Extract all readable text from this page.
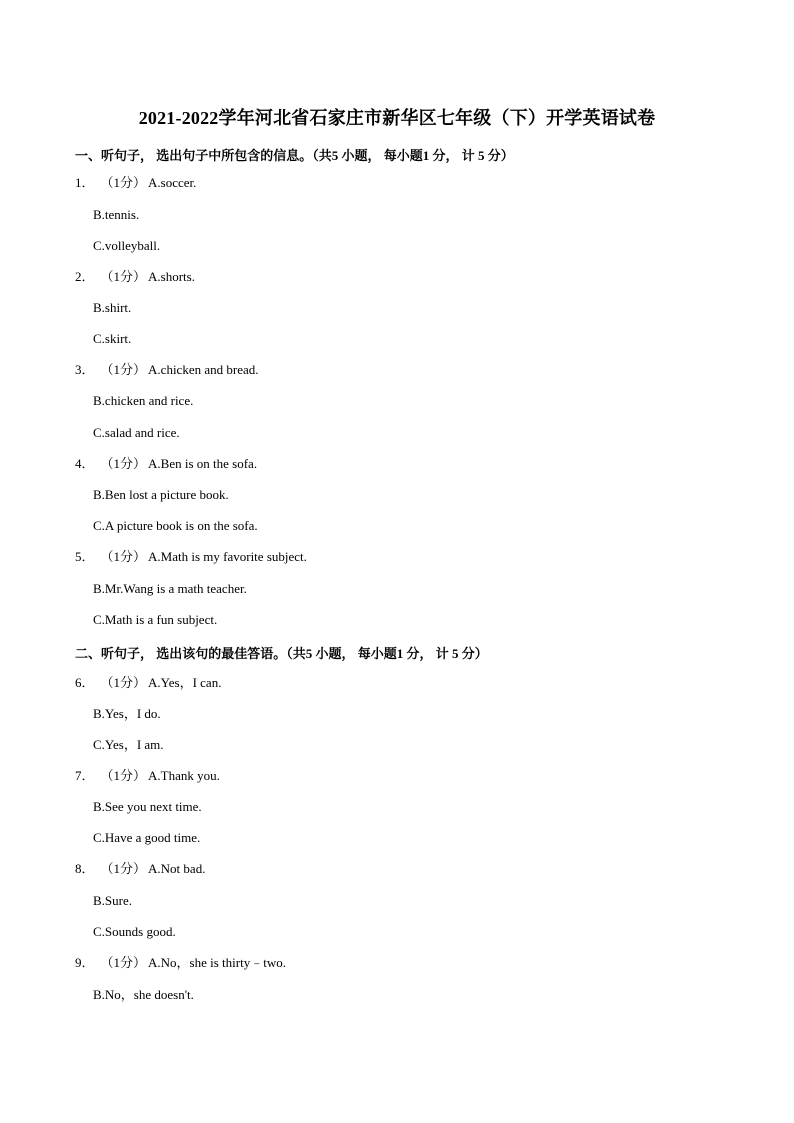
2021-2022学年河北省石家庄市新华区七年级（下）开学英语试卷
一、听句子， 选出句子中所包含的信息。（共5 小题， 每小题1 分， 计 5 分）
1． （1分） A.soccer.
B.tennis.
C.volleyball.
2． （1分） A.shorts.
B.shirt.
C.skirt.
3． （1分） A.chicken and bread.
B.chicken and rice.
C.salad and rice.
4． （1分） A.Ben is on the sofa.
B.Ben lost a picture book.
C.A picture book is on the sofa.
5． （1分） A.Math is my favorite subject.
B.Mr.Wang is a math teacher.
C.Math is a fun subject.
二、听句子， 选出该句的最佳答语。（共5 小题， 每小题1 分， 计 5 分）
6． （1分） A.Yes，I can.
B.Yes，I do.
C.Yes，I am.
7． （1分） A.Thank you.
B.See you next time.
C.Have a good time.
8． （1分） A.Not bad.
B.Sure.
C.Sounds good.
9． （1分） A.No，she is thirty﹣two.
B.No，she doesn't.
